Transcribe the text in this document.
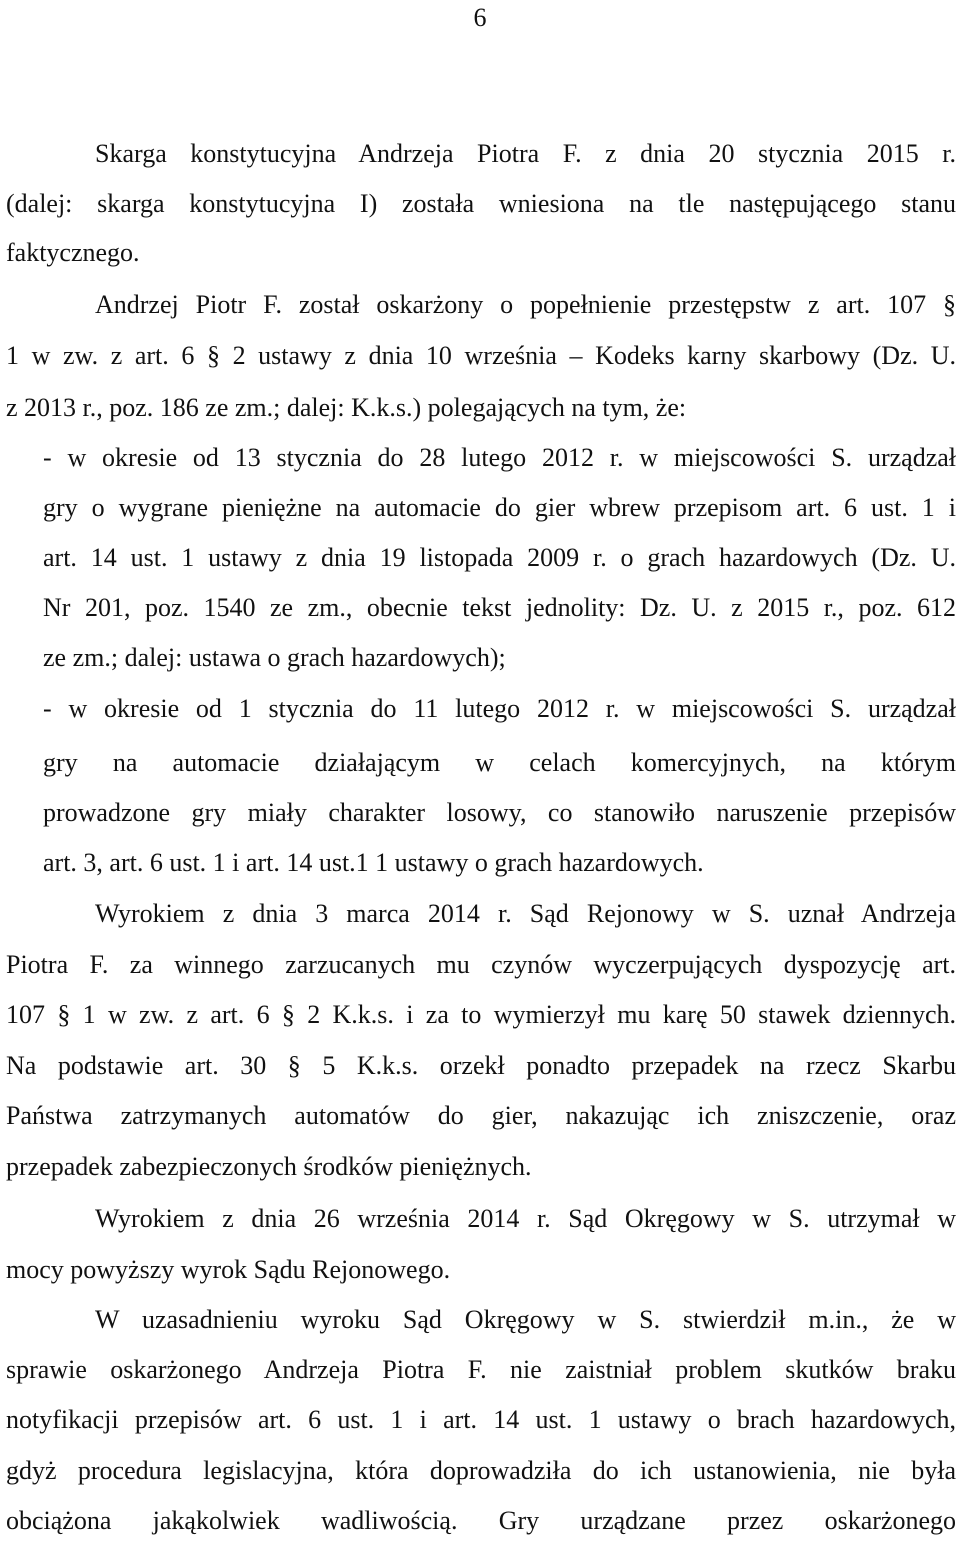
6
Skarga konstytucyjna Andrzeja Piotra F. z dnia 20 stycznia 2015 r.
(dalej: skarga konstytucyjna I) została wniesiona na tle następującego stanu
faktycznego.
Andrzej Piotr F. został oskarżony o popełnienie przestępstw z art. 107 §
1 w zw. z art. 6 § 2 ustawy z dnia 10 września – Kodeks karny skarbowy (Dz. U.
z 2013 r., poz. 186 ze zm.; dalej: K.k.s.) polegających na tym, że:
- w okresie od 13 stycznia do 28 lutego 2012 r. w miejscowości S. urządzał
gry o wygrane pieniężne na automacie do gier wbrew przepisom art. 6 ust. 1 i
art. 14 ust. 1 ustawy z dnia 19 listopada 2009 r. o grach hazardowych (Dz. U.
Nr 201, poz. 1540 ze zm., obecnie tekst jednolity: Dz. U. z 2015 r., poz. 612
ze zm.; dalej: ustawa o grach hazardowych);
- w okresie od 1 stycznia do 11 lutego 2012 r. w miejscowości S. urządzał
gry na automacie działającym w celach komercyjnych, na którym
prowadzone gry miały charakter losowy, co stanowiło naruszenie przepisów
art. 3, art. 6 ust. 1 i art. 14 ust.1 1 ustawy o grach hazardowych.
Wyrokiem z dnia 3 marca 2014 r. Sąd Rejonowy w S. uznał Andrzeja
Piotra F. za winnego zarzucanych mu czynów wyczerpujących dyspozycję art.
107 § 1 w zw. z art. 6 § 2 K.k.s. i za to wymierzył mu karę 50 stawek dziennych.
Na podstawie art. 30 § 5 K.k.s. orzekł ponadto przepadek na rzecz Skarbu
Państwa zatrzymanych automatów do gier, nakazując ich zniszczenie, oraz
przepadek zabezpieczonych środków pieniężnych.
Wyrokiem z dnia 26 września 2014 r. Sąd Okręgowy w S. utrzymał w
mocy powyższy wyrok Sądu Rejonowego.
W uzasadnieniu wyroku Sąd Okręgowy w S. stwierdził m.in., że w
sprawie oskarżonego Andrzeja Piotra F. nie zaistniał problem skutków braku
notyfikacji przepisów art. 6 ust. 1 i art. 14 ust. 1 ustawy o brach hazardowych,
gdyż procedura legislacyjna, która doprowadziła do ich ustanowienia, nie była
obciążona jakąkolwiek wadliwością. Gry urządzane przez oskarżonego
